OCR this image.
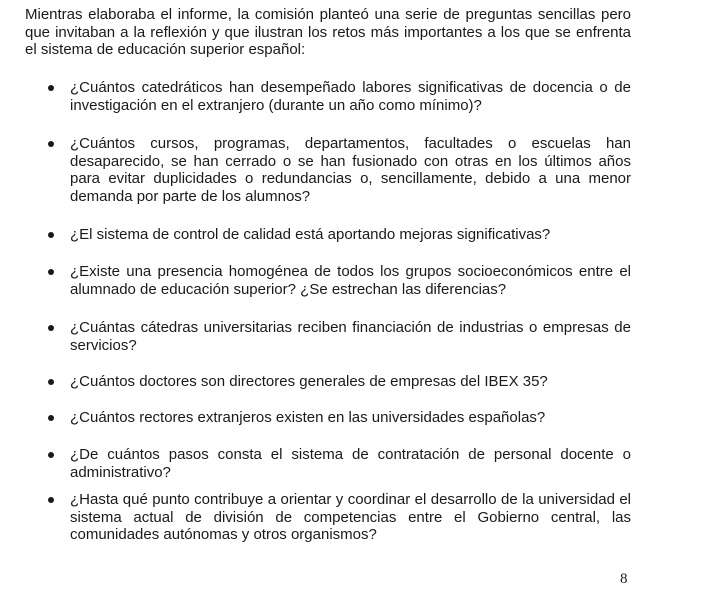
Mientras elaboraba el informe, la comisión planteó una serie de preguntas sencillas pero que invitaban a la reflexión y que ilustran los retos más importantes a los que se enfrenta el sistema de educación superior español:

¿Cuántos catedráticos han desempeñado labores significativas de docencia o de investigación en el extranjero (durante un año como mínimo)?

¿Cuántos cursos, programas, departamentos, facultades o escuelas han desaparecido, se han cerrado o se han fusionado con otras en los últimos años para evitar duplicidades o redundancias o, sencillamente, debido a una menor demanda por parte de los alumnos?

¿El sistema de control de calidad está aportando mejoras significativas?

¿Existe una presencia homogénea de todos los grupos socioeconómicos entre el alumnado de educación superior? ¿Se estrechan las diferencias?

¿Cuántas cátedras universitarias reciben financiación de industrias o empresas de servicios?

¿Cuántos doctores son directores generales de empresas del IBEX 35?

¿Cuántos rectores extranjeros existen en las universidades españolas?

¿De cuántos pasos consta el sistema de contratación de personal docente o administrativo?

¿Hasta qué punto contribuye a orientar y coordinar el desarrollo de la universidad el sistema actual de división de competencias entre el Gobierno central, las comunidades autónomas y otros organismos?

8
